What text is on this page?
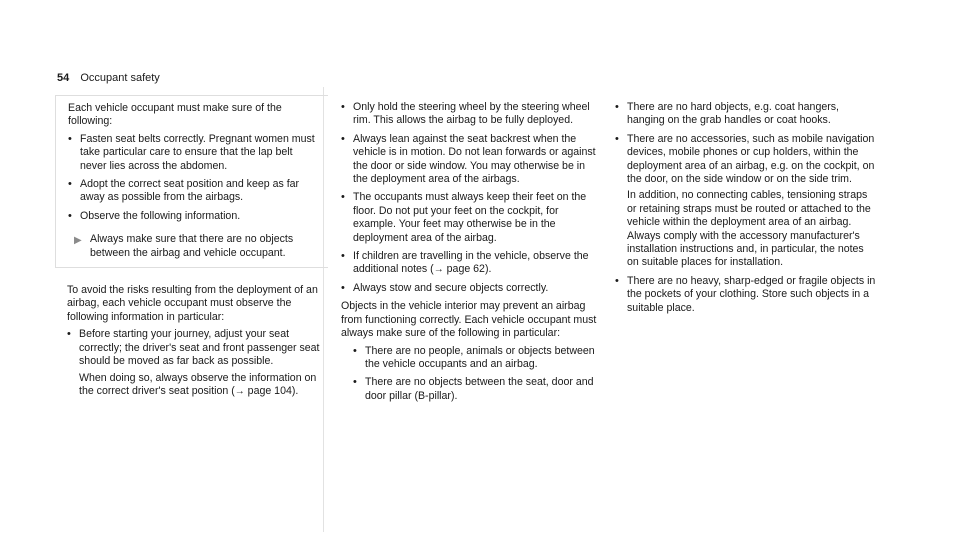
54 Occupant safety

Each vehicle occupant must make sure of the following:

• Fasten seat belts correctly. Pregnant women must take particular care to ensure that the lap belt never lies across the abdomen.
• Adopt the correct seat position and keep as far away as possible from the airbags.
• Observe the following information.
▶ Always make sure that there are no objects between the airbag and vehicle occupant.

To avoid the risks resulting from the deployment of an airbag, each vehicle occupant must observe the following information in particular:

• Before starting your journey, adjust your seat correctly; the driver's seat and front passenger seat should be moved as far back as possible.
When doing so, always observe the information on the correct driver's seat position (→ page 104).
• Only hold the steering wheel by the steering wheel rim. This allows the airbag to be fully deployed.
• Always lean against the seat backrest when the vehicle is in motion. Do not lean forwards or against the door or side window. You may otherwise be in the deployment area of the airbags.
• The occupants must always keep their feet on the floor. Do not put your feet on the cockpit, for example. Your feet may otherwise be in the deployment area of the airbag.
• If children are travelling in the vehicle, observe the additional notes (→ page 62).
• Always stow and secure objects correctly.

Objects in the vehicle interior may prevent an airbag from functioning correctly. Each vehicle occupant must always make sure of the following in particular:

• There are no people, animals or objects between the vehicle occupants and an airbag.
• There are no objects between the seat, door and door pillar (B-pillar).
• There are no hard objects, e.g. coat hangers, hanging on the grab handles or coat hooks.
• There are no accessories, such as mobile navigation devices, mobile phones or cup holders, within the deployment area of an airbag, e.g. on the cockpit, on the door, on the side window or on the side trim.
In addition, no connecting cables, tensioning straps or retaining straps must be routed or attached to the vehicle within the deployment area of an airbag. Always comply with the accessory manufacturer's installation instructions and, in particular, the notes on suitable places for installation.
• There are no heavy, sharp-edged or fragile objects in the pockets of your clothing. Store such objects in a suitable place.
